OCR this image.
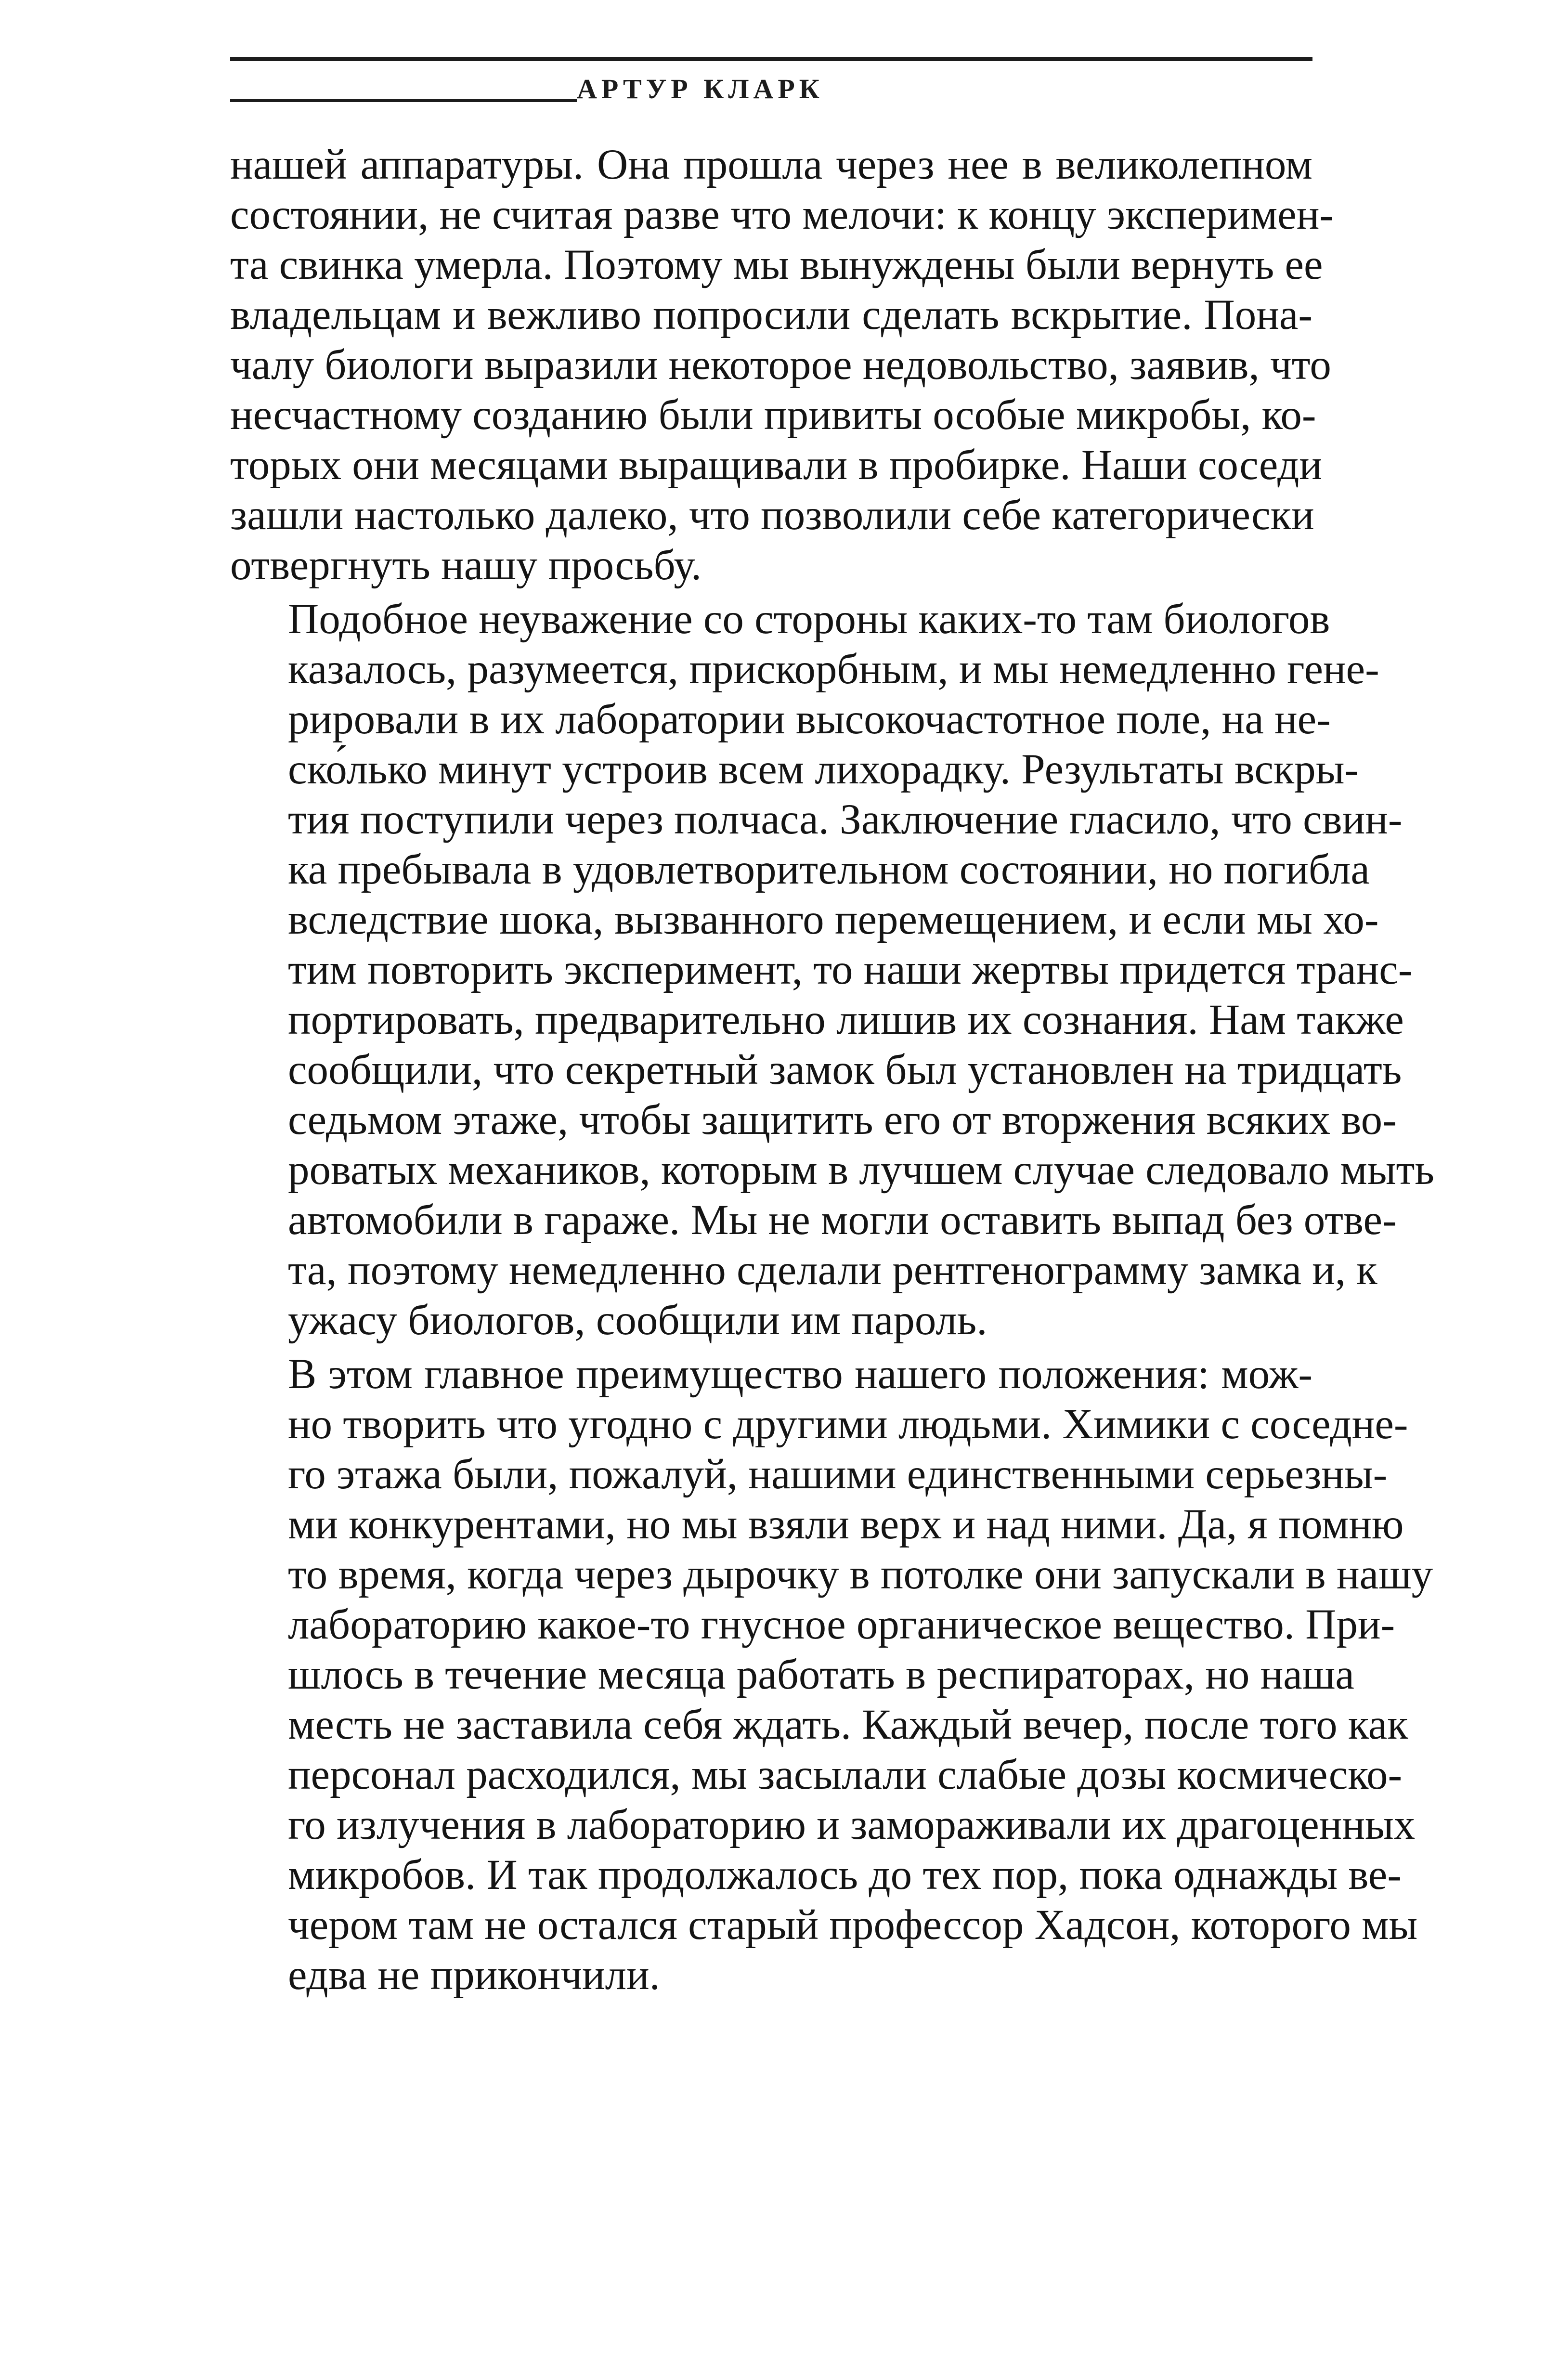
АРТУР КЛАРК

нашей аппаратуры. Она прошла через нее в великолепном
состоянии, не считая разве что мелочи: к концу эксперимен-
та свинка умерла. Поэтому мы вынуждены были вернуть ее
владельцам и вежливо попросили сделать вскрытие. Пона-
чалу биологи выразили некоторое недовольство, заявив, что
несчастному созданию были привиты особые микробы, ко-
торых они месяцами выращивали в пробирке. Наши соседи
зашли настолько далеко, что позволили себе категорически
отвергнуть нашу просьбу.

Подобное неуважение со стороны каких-то там биологов
казалось, разумеется, прискорбным, и мы немедленно гене-
рировали в их лаборатории высокочастотное поле, на не-
ско́лько минут устроив всем лихорадку. Результаты вскры-
тия поступили через полчаса. Заключение гласило, что свин-
ка пребывала в удовлетворительном состоянии, но погибла
вследствие шока, вызванного перемещением, и если мы хо-
тим повторить эксперимент, то наши жертвы придется транс-
портировать, предварительно лишив их сознания. Нам также
сообщили, что секретный замок был установлен на тридцать
седьмом этаже, чтобы защитить его от вторжения всяких во-
роватых механиков, которым в лучшем случае следовало мыть
автомобили в гараже. Мы не могли оставить выпад без отве-
та, поэтому немедленно сделали рентгенограмму замка и, к
ужасу биологов, сообщили им пароль.

В этом главное преимущество нашего положения: мож-
но творить что угодно с другими людьми. Химики с соседне-
го этажа были, пожалуй, нашими единственными серьезны-
ми конкурентами, но мы взяли верх и над ними. Да, я помню
то время, когда через дырочку в потолке они запускали в нашу
лабораторию какое-то гнусное органическое вещество. При-
шлось в течение месяца работать в респираторах, но наша
месть не заставила себя ждать. Каждый вечер, после того как
персонал расходился, мы засылали слабые дозы космическо-
го излучения в лабораторию и замораживали их драгоценных
микробов. И так продолжалось до тех пор, пока однажды ве-
чером там не остался старый профессор Хадсон, которого мы
едва не прикончили.
